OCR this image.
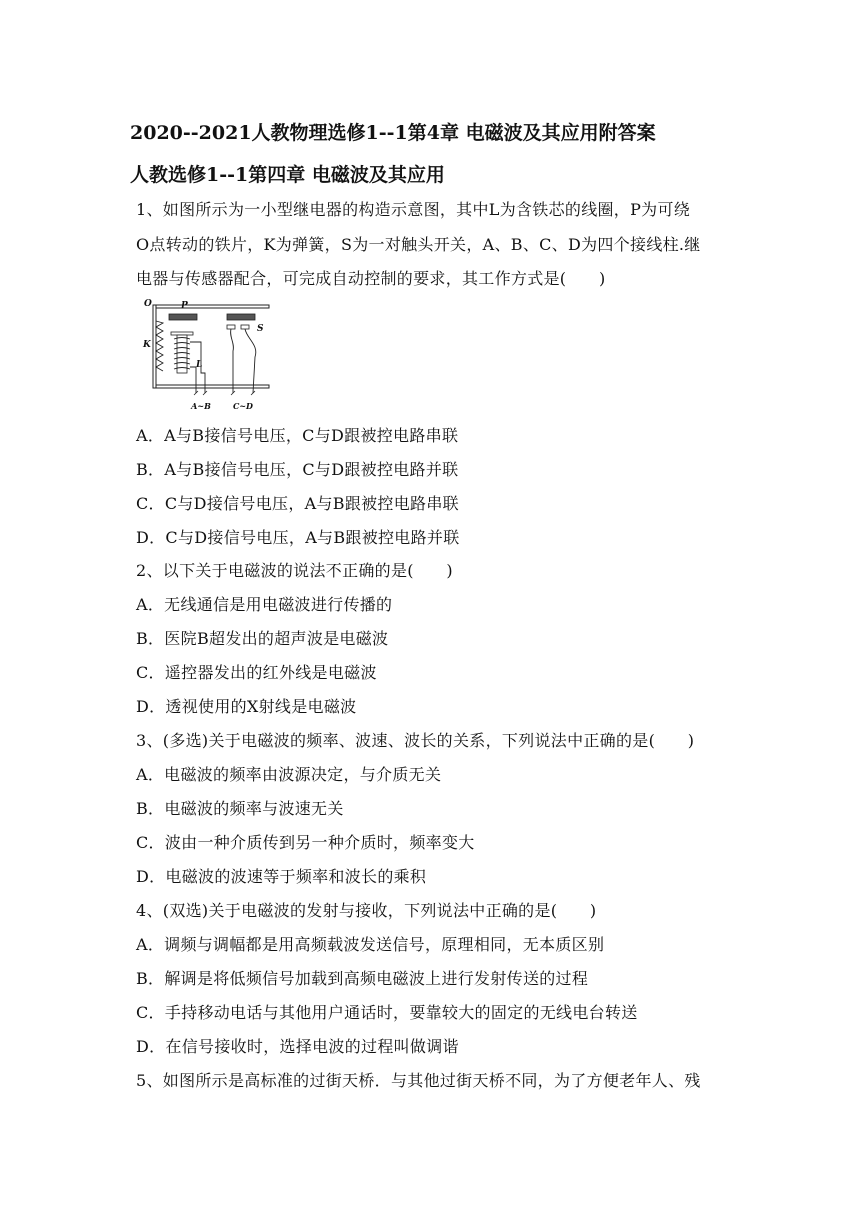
2020--2021人教物理选修1--1第4章 电磁波及其应用附答案
人教选修1--1第四章 电磁波及其应用
1、如图所示为一小型继电器的构造示意图，其中L为含铁芯的线圈，P为可绕
O点转动的铁片，K为弹簧，S为一对触头开关，A、B、C、D为四个接线柱.继
电器与传感器配合，可完成自动控制的要求，其工作方式是(　　)
O	P
S
K
L
A~B	C~D
A．A与B接信号电压，C与D跟被控电路串联
B．A与B接信号电压，C与D跟被控电路并联
C．C与D接信号电压，A与B跟被控电路串联
D．C与D接信号电压，A与B跟被控电路并联
2、以下关于电磁波的说法不正确的是(　　)
A．无线通信是用电磁波进行传播的
B．医院B超发出的超声波是电磁波
C．遥控器发出的红外线是电磁波
D．透视使用的X射线是电磁波
3、(多选)关于电磁波的频率、波速、波长的关系，下列说法中正确的是(　　)
A．电磁波的频率由波源决定，与介质无关
B．电磁波的频率与波速无关
C．波由一种介质传到另一种介质时，频率变大
D．电磁波的波速等于频率和波长的乘积
4、(双选)关于电磁波的发射与接收，下列说法中正确的是(　　)
A．调频与调幅都是用高频载波发送信号，原理相同，无本质区别
B．解调是将低频信号加载到高频电磁波上进行发射传送的过程
C．手持移动电话与其他用户通话时，要靠较大的固定的无线电台转送
D．在信号接收时，选择电波的过程叫做调谐
5、如图所示是高标准的过街天桥．与其他过街天桥不同，为了方便老年人、残
